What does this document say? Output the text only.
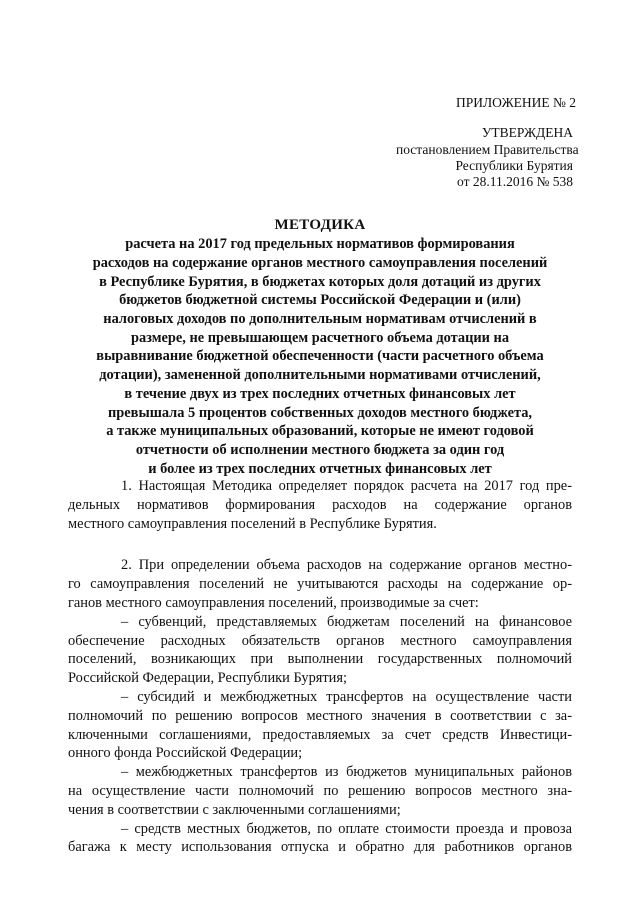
ПРИЛОЖЕНИЕ № 2
УТВЕРЖДЕНА
постановлением Правительства
Республики Бурятия
от 28.11.2016 № 538
МЕТОДИКА
расчета на 2017 год предельных нормативов формирования
расходов на содержание органов местного самоуправления поселений
в Республике Бурятия, в бюджетах которых доля дотаций из других
бюджетов бюджетной системы Российской Федерации и (или)
налоговых доходов по дополнительным нормативам отчислений в
размере, не превышающем расчетного объема дотации на
выравнивание бюджетной обеспеченности (части расчетного объема
дотации), замененной дополнительными нормативами отчислений,
в течение двух из трех последних отчетных финансовых лет
превышала 5 процентов собственных доходов местного бюджета,
а также муниципальных образований, которые не имеют годовой
отчетности об исполнении местного бюджета за один год
и более из трех последних отчетных финансовых лет
1. Настоящая Методика определяет порядок расчета на 2017 год пре-
дельных нормативов формирования расходов на содержание органов
местного самоуправления поселений в Республике Бурятия.
2. При определении объема расходов на содержание органов местно-
го самоуправления поселений не учитываются расходы на содержание ор-
ганов местного самоуправления поселений, производимые за счет:
– субвенций, представляемых бюджетам поселений на финансовое
обеспечение расходных обязательств органов местного самоуправления
поселений, возникающих при выполнении государственных полномочий
Российской Федерации, Республики Бурятия;
– субсидий и межбюджетных трансфертов на осуществление части
полномочий по решению вопросов местного значения в соответствии с за-
ключенными соглашениями, предоставляемых за счет средств Инвестици-
онного фонда Российской Федерации;
– межбюджетных трансфертов из бюджетов муниципальных районов
на осуществление части полномочий по решению вопросов местного зна-
чения в соответствии с заключенными соглашениями;
– средств местных бюджетов, по оплате стоимости проезда и провоза
багажа к месту использования отпуска и обратно для работников органов
